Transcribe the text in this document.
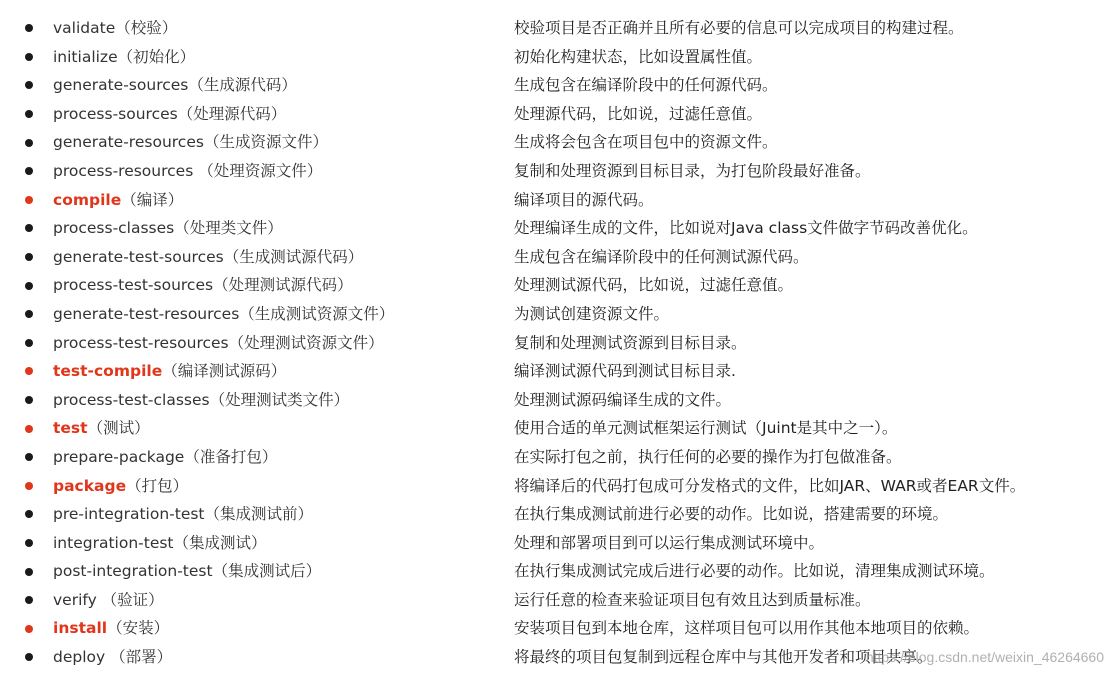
validate（校验）	校验项目是否正确并且所有必要的信息可以完成项目的构建过程。
initialize（初始化）	初始化构建状态，比如设置属性值。
generate-sources（生成源代码）	生成包含在编译阶段中的任何源代码。
process-sources（处理源代码）	处理源代码，比如说，过滤任意值。
generate-resources（生成资源文件）	生成将会包含在项目包中的资源文件。
process-resources （处理资源文件）	复制和处理资源到目标目录，为打包阶段最好准备。
compile（编译）	编译项目的源代码。
process-classes（处理类文件）	处理编译生成的文件，比如说对Java class文件做字节码改善优化。
generate-test-sources（生成测试源代码）	生成包含在编译阶段中的任何测试源代码。
process-test-sources（处理测试源代码）	处理测试源代码，比如说，过滤任意值。
generate-test-resources（生成测试资源文件）	为测试创建资源文件。
process-test-resources（处理测试资源文件）	复制和处理测试资源到目标目录。
test-compile（编译测试源码）	编译测试源代码到测试目标目录.
process-test-classes（处理测试类文件）	处理测试源码编译生成的文件。
test（测试）	使用合适的单元测试框架运行测试（Juint是其中之一）。
prepare-package（准备打包）	在实际打包之前，执行任何的必要的操作为打包做准备。
package（打包）	将编译后的代码打包成可分发格式的文件，比如JAR、WAR或者EAR文件。
pre-integration-test（集成测试前）	在执行集成测试前进行必要的动作。比如说，搭建需要的环境。
integration-test（集成测试）	处理和部署项目到可以运行集成测试环境中。
post-integration-test（集成测试后）	在执行集成测试完成后进行必要的动作。比如说，清理集成测试环境。
verify （验证）	运行任意的检查来验证项目包有效且达到质量标准。
install（安装）	安装项目包到本地仓库，这样项目包可以用作其他本地项目的依赖。
deploy （部署）	将最终的项目包复制到远程仓库中与其他开发者和项目共享。
https://blog.csdn.net/weixin_46264660
